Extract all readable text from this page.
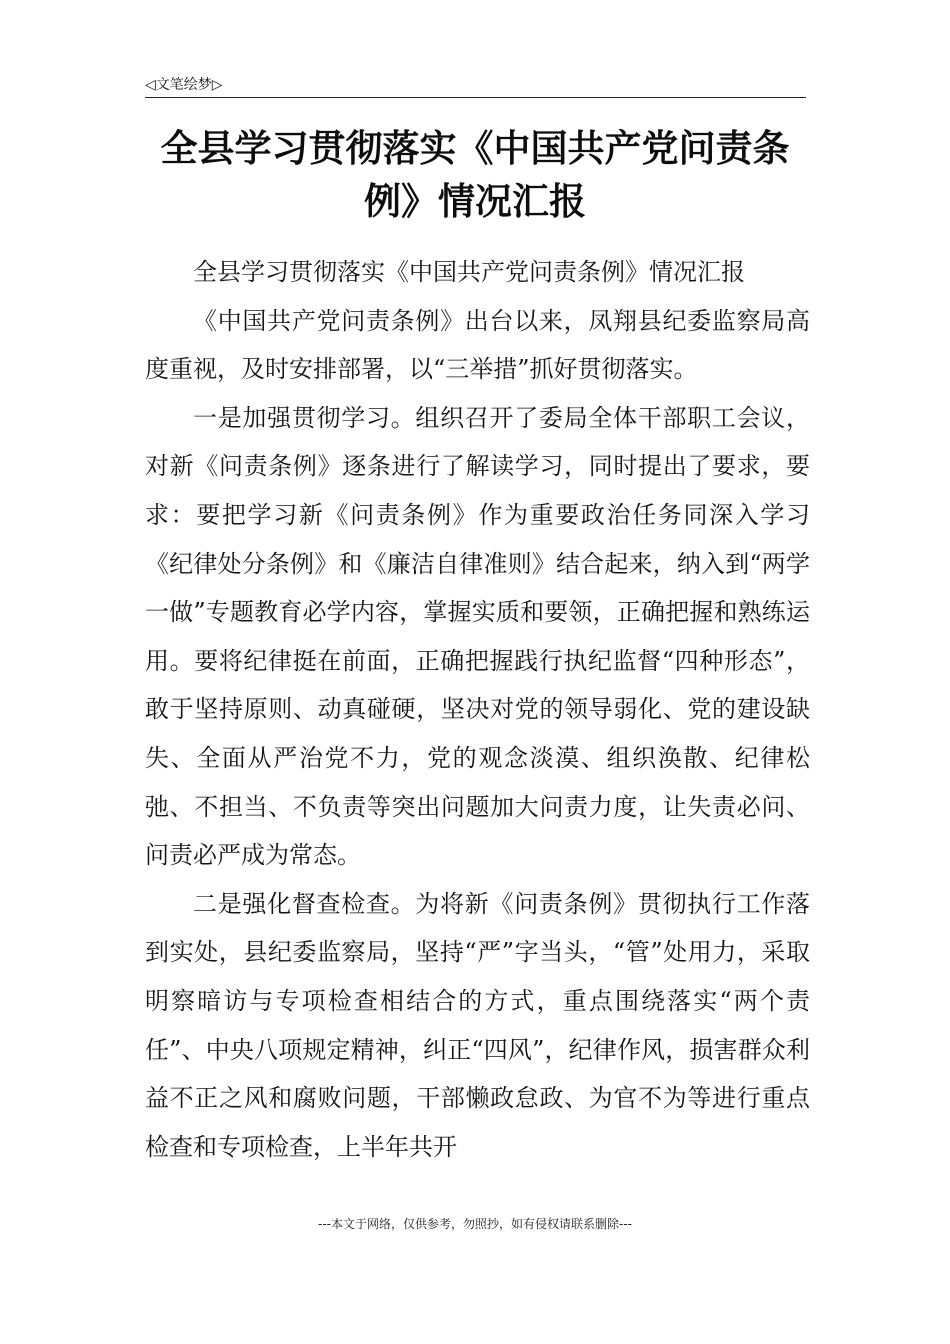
◁文笔绘梦▷
全县学习贯彻落实《中国共产党问责条例》情况汇报

全县学习贯彻落实《中国共产党问责条例》情况汇报

《中国共产党问责条例》出台以来，凤翔县纪委监察局高度重视，及时安排部署，以“三举措”抓好贯彻落实。

一是加强贯彻学习。组织召开了委局全体干部职工会议，对新《问责条例》逐条进行了解读学习，同时提出了要求，要求：要把学习新《问责条例》作为重要政治任务同深入学习《纪律处分条例》和《廉洁自律准则》结合起来，纳入到“两学一做”专题教育必学内容，掌握实质和要领，正确把握和熟练运用。要将纪律挺在前面，正确把握践行执纪监督“四种形态”，敢于坚持原则、动真碰硬，坚决对党的领导弱化、党的建设缺失、全面从严治党不力，党的观念淡漠、组织涣散、纪律松弛、不担当、不负责等突出问题加大问责力度，让失责必问、问责必严成为常态。

二是强化督查检查。为将新《问责条例》贯彻执行工作落到实处，县纪委监察局，坚持“严”字当头，“管”处用力，采取明察暗访与专项检查相结合的方式，重点围绕落实“两个责任”、中央八项规定精神，纠正“四风”，纪律作风，损害群众利益不正之风和腐败问题，干部懒政怠政、为官不为等进行重点检查和专项检查，上半年共开

---本文于网络，仅供参考，勿照抄，如有侵权请联系删除---
